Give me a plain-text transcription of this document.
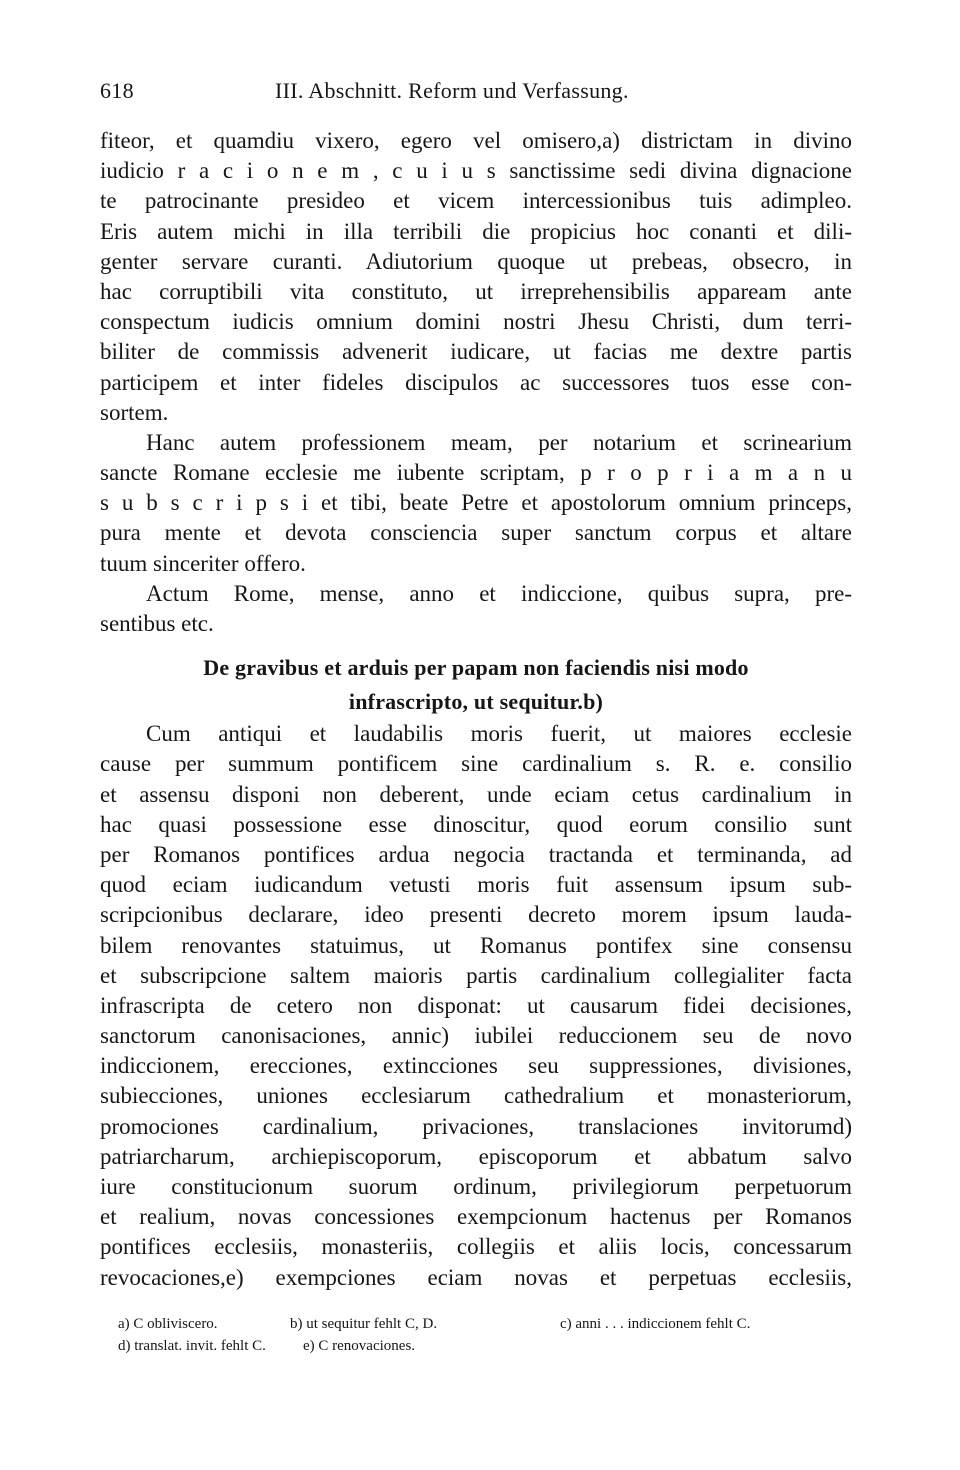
618	III. Abschnitt. Reform und Verfassung.
fiteor, et quamdiu vixero, egero vel omisero,a) districtam in divino
iudicio r a c i o n e m , c u i u s sanctissime sedi divina dignacione
te patrocinante presideo et vicem intercessionibus tuis adimpleo.
Eris autem michi in illa terribili die propicius hoc conanti et dili-
genter servare curanti. Adiutorium quoque ut prebeas, obsecro, in
hac corruptibili vita constituto, ut irreprehensibilis appaream ante
conspectum iudicis omnium domini nostri Jhesu Christi, dum terri-
biliter de commissis advenerit iudicare, ut facias me dextre partis
participem et inter fideles discipulos ac successores tuos esse con-
sortem.
Hanc autem professionem meam, per notarium et scrinearium
sancte Romane ecclesie me iubente scriptam, p r o p r i a m a n u
s u b s c r i p s i et tibi, beate Petre et apostolorum omnium princeps,
pura mente et devota consciencia super sanctum corpus et altare
tuum sinceriter offero.
Actum Rome, mense, anno et indiccione, quibus supra, pre-
sentibus etc.
De gravibus et arduis per papam non faciendis nisi modo
infrascripto, ut sequitur.b)
Cum antiqui et laudabilis moris fuerit, ut maiores ecclesie
cause per summum pontificem sine cardinalium s. R. e. consilio
et assensu disponi non deberent, unde eciam cetus cardinalium in
hac quasi possessione esse dinoscitur, quod eorum consilio sunt
per Romanos pontifices ardua negocia tractanda et terminanda, ad
quod eciam iudicandum vetusti moris fuit assensum ipsum sub-
scripcionibus declarare, ideo presenti decreto morem ipsum lauda-
bilem renovantes statuimus, ut Romanus pontifex sine consensu
et subscripcione saltem maioris partis cardinalium collegialiter facta
infrascripta de cetero non disponat: ut causarum fidei decisiones,
sanctorum canonisaciones, annic) iubilei reduccionem seu de novo
indiccionem, erecciones, extincciones seu suppressiones, divisiones,
subiecciones, uniones ecclesiarum cathedralium et monasteriorum,
promociones cardinalium, privaciones, translaciones invitorumd)
patriarcharum, archiepiscoporum, episcoporum et abbatum salvo
iure constitucionum suorum ordinum, privilegiorum perpetuorum
et realium, novas concessiones exempcionum hactenus per Romanos
pontifices ecclesiis, monasteriis, collegiis et aliis locis, concessarum
revocaciones,e) exempciones eciam novas et perpetuas ecclesiis,
a) C obliviscero.	b) ut sequitur fehlt C, D.	c) anni . . . indiccionem fehlt C.
d) translat. invit. fehlt C. e) C renovaciones.
